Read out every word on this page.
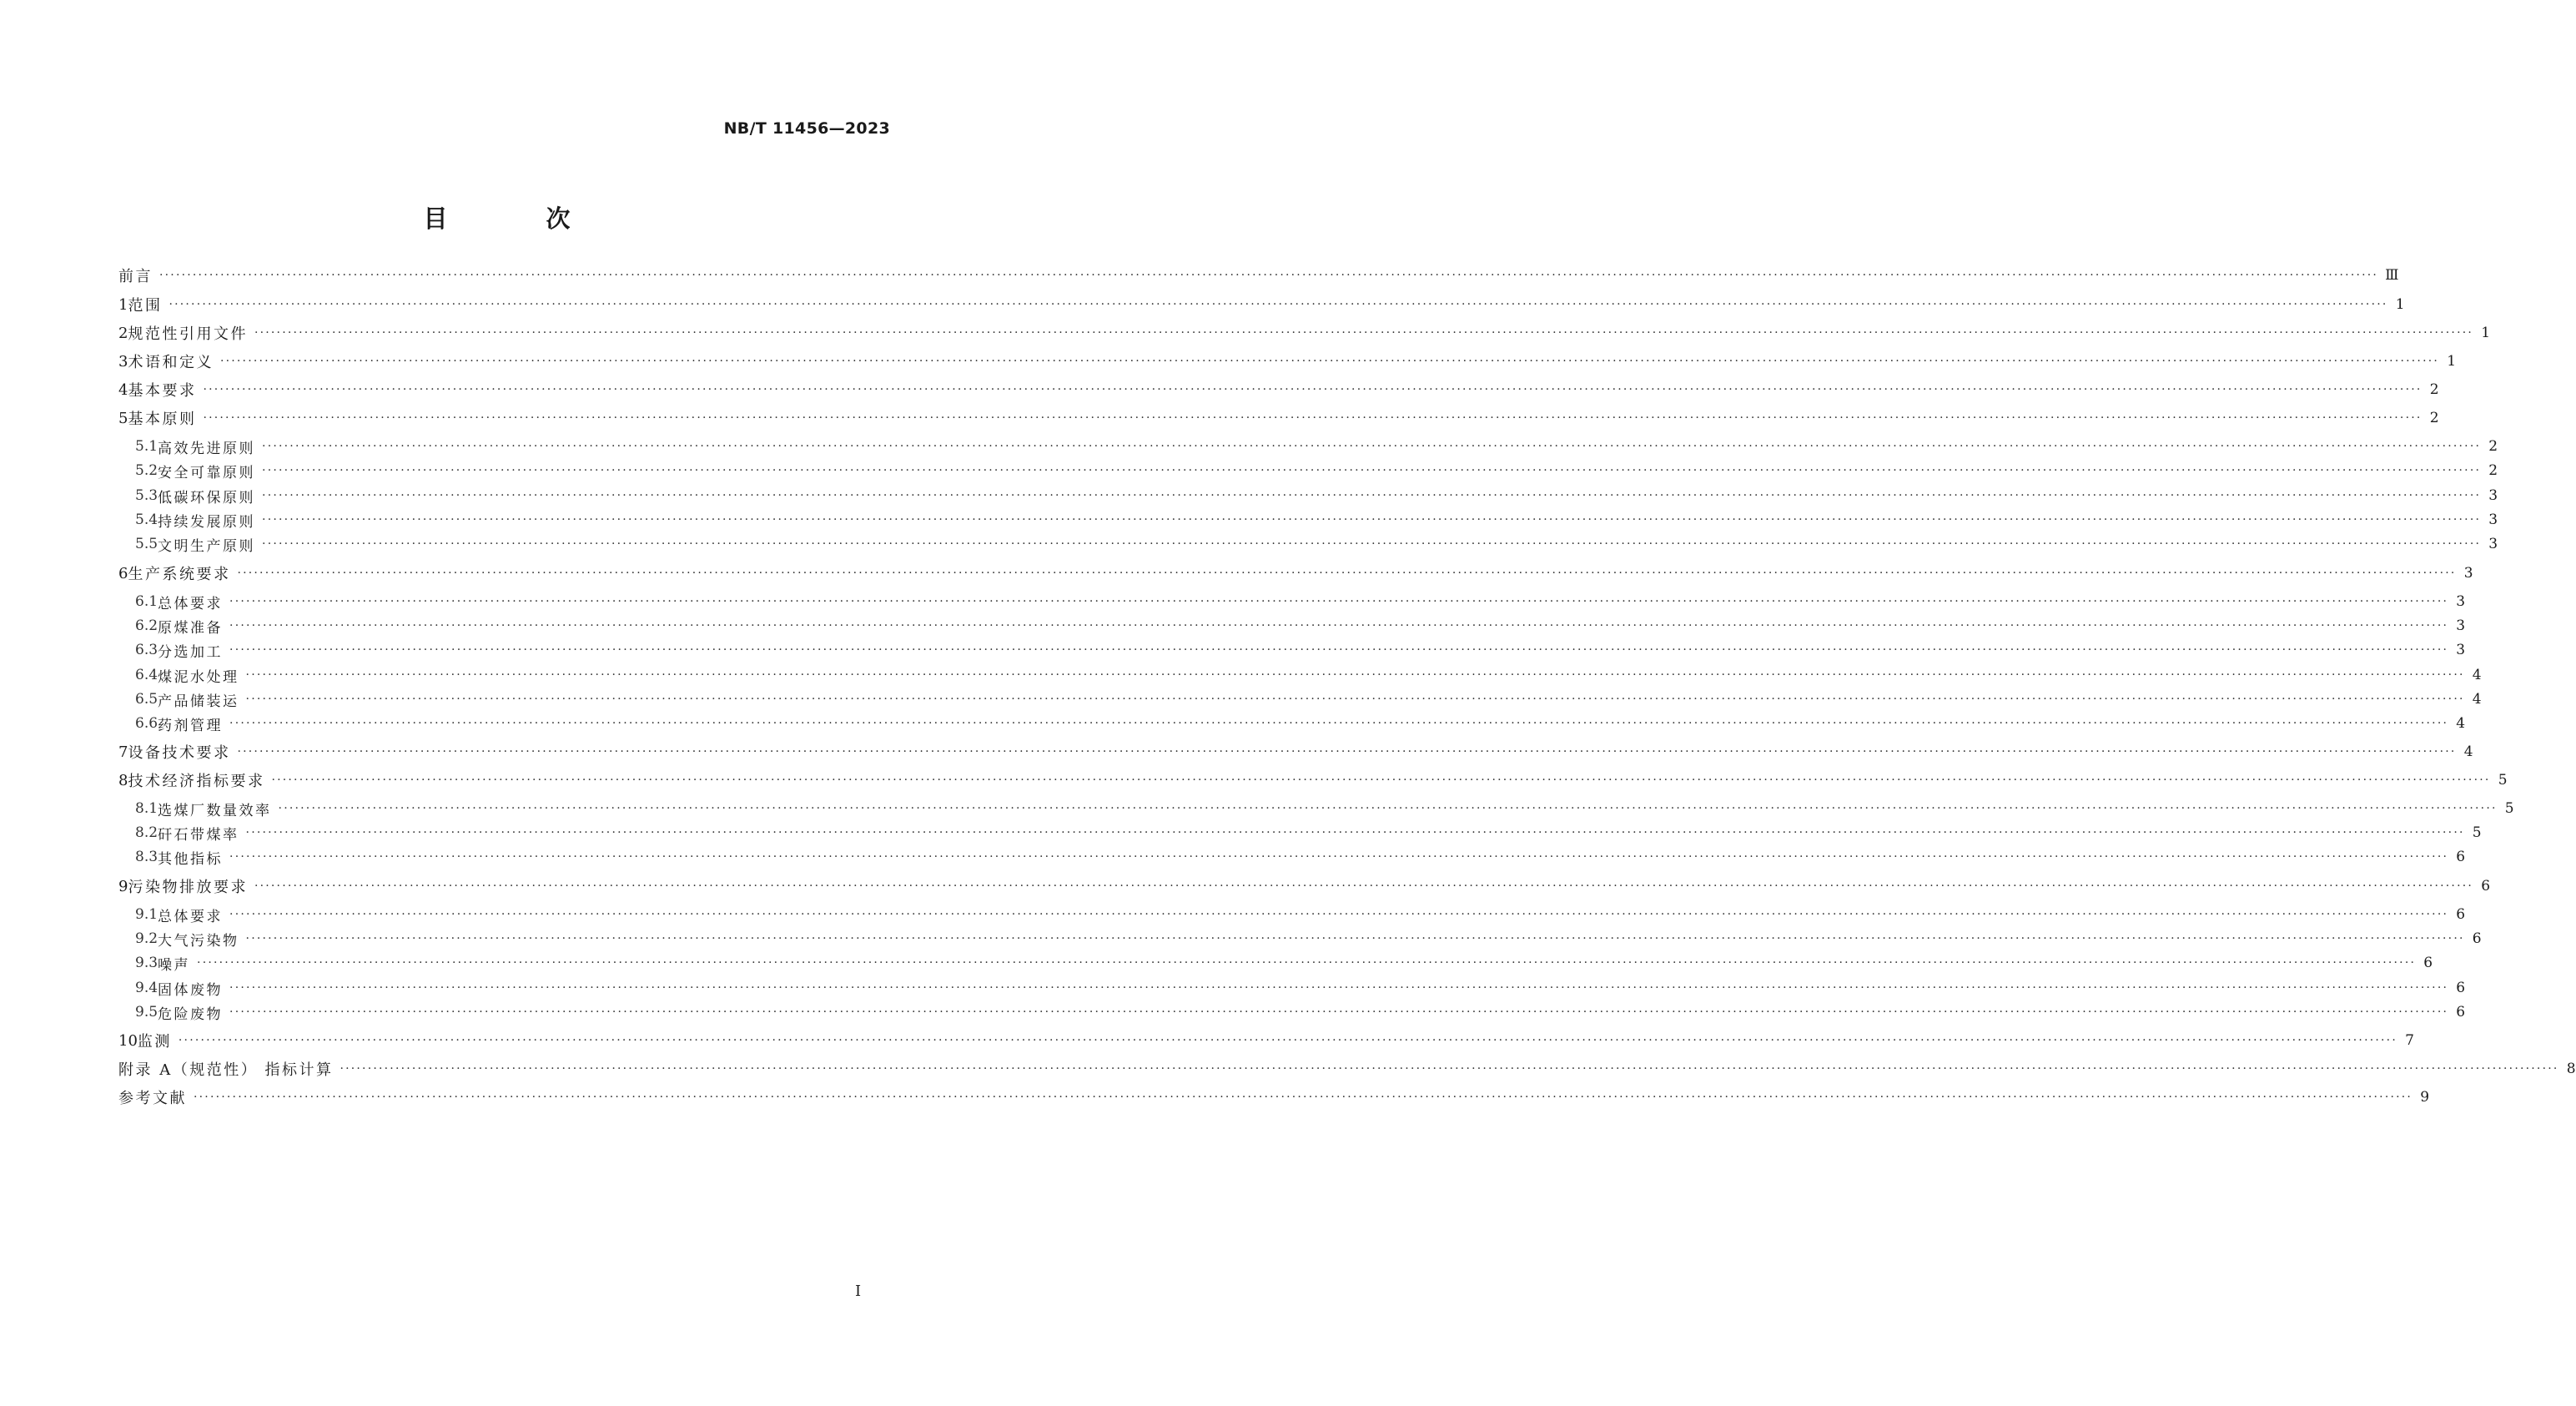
NB/T 11456—2023
目 次
前言 ················································································································································································································································································································································································································ Ⅲ
1 范围 ················································································································································································································································································································································································································ 1
2 规范性引用文件 ················································································································································································································································································································································································································ 1
3 术语和定义 ················································································································································································································································································································································································································ 1
4 基本要求 ················································································································································································································································································································································································································ 2
5 基本原则 ················································································································································································································································································································································································································ 2
5.1 高效先进原则 ················································································································································································································································································································································································································ 2
5.2 安全可靠原则 ················································································································································································································································································································································································································ 2
5.3 低碳环保原则 ················································································································································································································································································································································································································ 3
5.4 持续发展原则 ················································································································································································································································································································································································································ 3
5.5 文明生产原则 ················································································································································································································································································································································································································ 3
6 生产系统要求 ················································································································································································································································································································································································································ 3
6.1 总体要求 ················································································································································································································································································································································································································ 3
6.2 原煤准备 ················································································································································································································································································································································································································ 3
6.3 分选加工 ················································································································································································································································································································································································································ 3
6.4 煤泥水处理 ················································································································································································································································································································································································································ 4
6.5 产品储装运 ················································································································································································································································································································································································································ 4
6.6 药剂管理 ················································································································································································································································································································································································································ 4
7 设备技术要求 ················································································································································································································································································································································································································ 4
8 技术经济指标要求 ················································································································································································································································································································································································································ 5
8.1 选煤厂数量效率 ················································································································································································································································································································································································································ 5
8.2 矸石带煤率 ················································································································································································································································································································································································································ 5
8.3 其他指标 ················································································································································································································································································································································································································ 6
9 污染物排放要求 ················································································································································································································································································································································································································ 6
9.1 总体要求 ················································································································································································································································································································································································································ 6
9.2 大气污染物 ················································································································································································································································································································································································································ 6
9.3 噪声 ················································································································································································································································································································································································································ 6
9.4 固体废物 ················································································································································································································································································································································································································ 6
9.5 危险废物 ················································································································································································································································································································································································································ 6
10 监测 ················································································································································································································································································································································································································ 7
附录 A（规范性） 指标计算 ················································································································································································································································································································································································································ 8
参考文献 ················································································································································································································································································································································································································ 9
I
